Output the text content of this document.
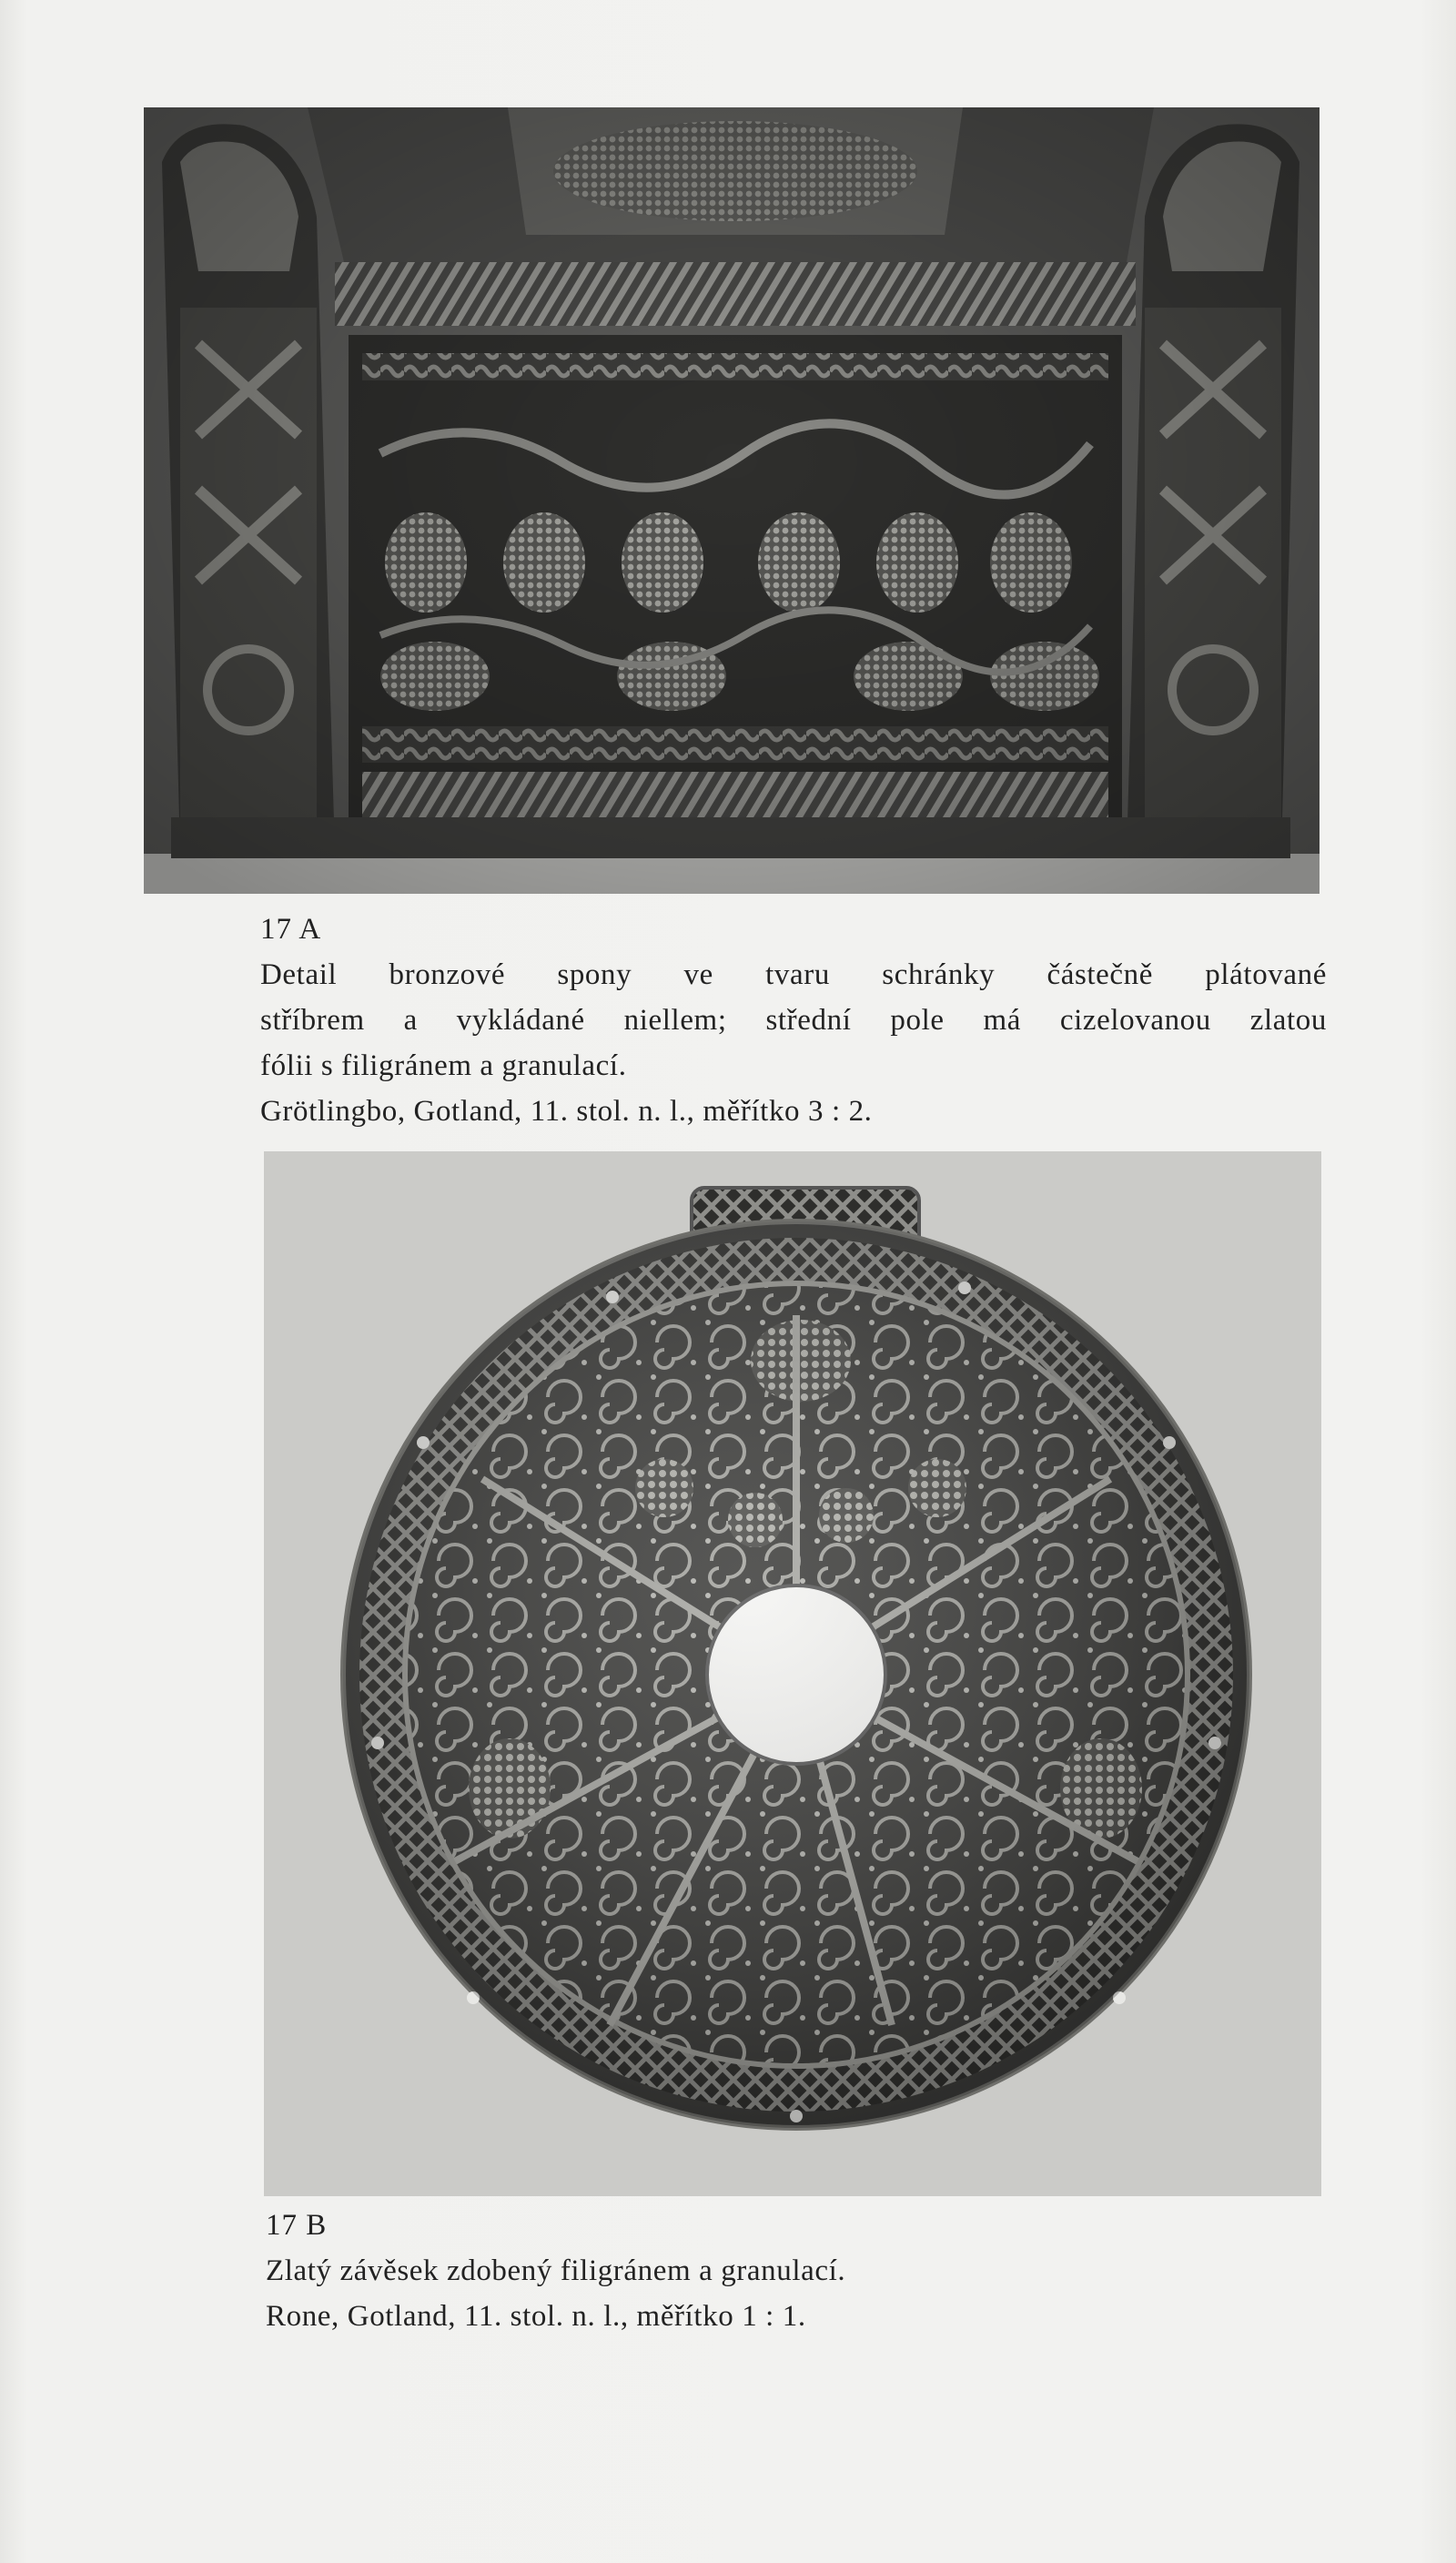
17 A
Detail bronzové spony ve tvaru schránky částečně plátované
stříbrem a vykládané niellem; střední pole má cizelovanou zlatou
fólii s filigránem a granulací.
Grötlingbo, Gotland, 11. stol. n. l., měřítko 3 : 2.
17 B
Zlatý závěsek zdobený filigránem a granulací.
Rone, Gotland, 11. stol. n. l., měřítko 1 : 1.
